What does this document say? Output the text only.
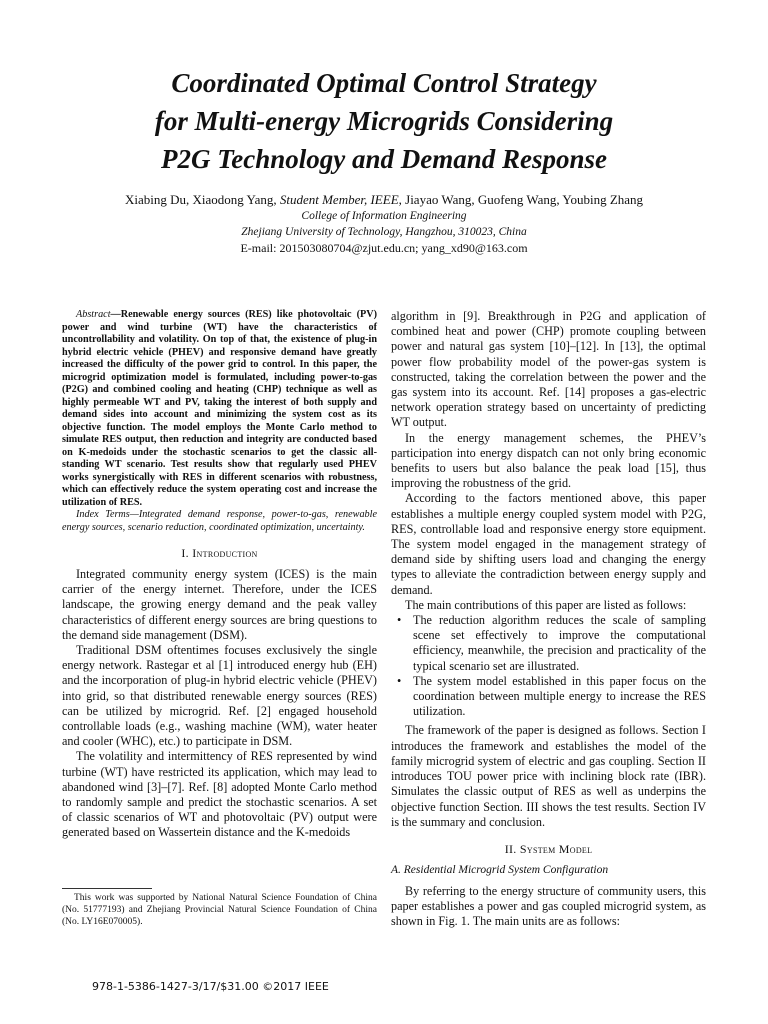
Coordinated Optimal Control Strategy
for Multi-energy Microgrids Considering
P2G Technology and Demand Response
Xiabing Du, Xiaodong Yang, Student Member, IEEE, Jiayao Wang, Guofeng Wang, Youbing Zhang
College of Information Engineering
Zhejiang University of Technology, Hangzhou, 310023, China
E-mail: 201503080704@zjut.edu.cn; yang_xd90@163.com

Abstract—Renewable energy sources (RES) like photovoltaic (PV) power and wind turbine (WT) have the characteristics of uncontrollability and volatility. On top of that, the existence of plug-in hybrid electric vehicle (PHEV) and responsive demand have greatly increased the difficulty of the power grid to control. In this paper, the microgrid optimization model is formulated, including power-to-gas (P2G) and combined cooling and heating (CHP) technique as well as highly permeable WT and PV, taking the interest of both supply and demand sides into account and minimizing the system cost as its objective function. The model employs the Monte Carlo method to simulate RES output, then reduction and integrity are conducted based on K-medoids under the stochastic scenarios to get the classic all-standing WT scenario. Test results show that regularly used PHEV works synergistically with RES in different scenarios with robustness, which can effectively reduce the system operating cost and increase the utilization of RES.

Index Terms—Integrated demand response, power-to-gas, renewable energy sources, scenario reduction, coordinated optimization, uncertainty.

I. Introduction

Integrated community energy system (ICES) is the main carrier of the energy internet. Therefore, under the ICES landscape, the growing energy demand and the peak valley characteristics of different energy sources are bring questions to the demand side management (DSM).

Traditional DSM oftentimes focuses exclusively the single energy network. Rastegar et al [1] introduced energy hub (EH) and the incorporation of plug-in hybrid electric vehicle (PHEV) into grid, so that distributed renewable energy sources (RES) can be utilized by microgrid. Ref. [2] engaged household controllable loads (e.g., washing machine (WM), water heater and cooler (WHC), etc.) to participate in DSM.

The volatility and intermittency of RES represented by wind turbine (WT) have restricted its application, which may lead to abandoned wind [3]–[7]. Ref. [8] adopted Monte Carlo method to randomly sample and predict the stochastic scenarios. A set of classic scenarios of WT and photovoltaic (PV) output were generated based on Wassertein distance and the K-medoids

This work was supported by National Natural Science Foundation of China (No. 51777193) and Zhejiang Provincial Natural Science Foundation of China (No. LY16E070005).

978-1-5386-1427-3/17/$31.00 ©2017 IEEE

algorithm in [9]. Breakthrough in P2G and application of combined heat and power (CHP) promote coupling between power and natural gas system [10]–[12]. In [13], the optimal power flow probability model of the power-gas system is constructed, taking the correlation between the power and the gas system into its account. Ref. [14] proposes a gas-electric network operation strategy based on uncertainty of predicting WT output.

In the energy management schemes, the PHEV’s participation into energy dispatch can not only bring economic benefits to users but also balance the peak load [15], thus improving the robustness of the grid.

According to the factors mentioned above, this paper establishes a multiple energy coupled system model with P2G, RES, controllable load and responsive energy store equipment. The system model engaged in the management strategy of demand side by shifting users load and changing the energy types to alleviate the contradiction between energy supply and demand.

The main contributions of this paper are listed as follows:

• The reduction algorithm reduces the scale of sampling scene set effectively to improve the computational efficiency, meanwhile, the precision and practicality of the typical scenario set are illustrated.
• The system model established in this paper focus on the coordination between multiple energy to increase the RES utilization.

The framework of the paper is designed as follows. Section I introduces the framework and establishes the model of the family microgrid system of electric and gas coupling. Section II introduces TOU power price with inclining block rate (IBR). Simulates the classic output of RES as well as underpins the objective function Section. III shows the test results. Section IV is the summary and conclusion.

II. System Model
A. Residential Microgrid System Configuration

By referring to the energy structure of community users, this paper establishes a power and gas coupled microgrid system, as shown in Fig. 1. The main units are as follows:
